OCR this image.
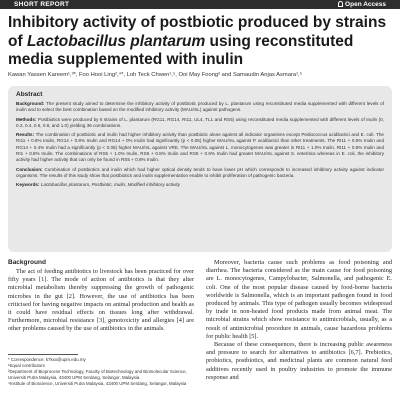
SHORT REPORT	Open Access
Inhibitory activity of postbiotic produced by strains of Lactobacillus plantarum using reconstituted media supplemented with inulin
Kawan Yassen Kareem¹,³*, Foo Hooi Ling²,⁴*, Loh Teck Chwen¹,⁵, Ooi May Foong² and Samaudin Anjas Asmara¹,⁵
Abstract

Background: The present study aimed to determine the inhibitory activity of postbiotic produced by L. plantarum using reconstituted media supplemented with different levels of inulin and to select the best combination based on the modified inhibitory activity (MAU/mL) against pathogens.

Methods: Postbiotics were produced by 6 strains of L. plantarum (RG11, RG14, RI11, UL4, TL1 and RS5) using reconstituted media supplemented with different levels of Inulin (0, 0.2, 0.4, 0.6, 0.8, and 1.0) yielding 36 combinations.

Results: The combination of postbiotic and inulin had higher inhibitory activity than postbiotic alone against all indicator organisms except Pediococcus acidilactici and E. coli. The RI11 + 0.8% Inulin, RG14 + 0.8% Inulin and RG14 + 0% Inulin had significantly (p < 0.05) higher MAU/mL against P. acidilactici than other treatments. The RI11 + 0.8% Inulin and RG14 + 0.4% Inulin had a significantly (p < 0.05) higher MAU/mL against VRE. The MAU/mL against L. monocytogenes was greater in RI11 + 1.0% Inulin, RI11 + 0.8% Inulin and RI1 + 0.8% Inulin. The combinations of RS5 + 1.0% Inulin, RS5 + 0.8% Inulin and RS5 + 0.6% Inulin had greater MAU/mL against S. enteritica whereas in E. coli, the inhibitory activity had higher activity that can only be found in RS5 + 0.8% Inulin.

Conclusion: Combination of postbiotics and inulin which had higher optical density tends to have lower pH which corresponds to increased inhibitory activity against indicator organisms. The results of this study show that postbiotics and inulin supplementation enable to inhibit proliferation of pathogenic bacteria.

Keywords: Lactobacillus plantarum, Postbiotic, Inulin, Modified inhibitory activity

Background

The act of feeding antibiotics to livestock has been practiced for over fifty years [1]. The mode of action of antibiotics is that they alter microbial metabolism thereby suppressing the growth of pathogenic microbes in the gut [2]. However, the use of antibiotics has been criticised for having negative impacts on animal production and health as it could have residual effects on tissues long after withdrawal. Furthermore, microbial resistance [3], genotoxicity and allergies [4] are other problems caused by the use of antibiotics in the animals.

* Correspondence: k7kxx@upm.edu.my
¹Equal contributors
²Department of Bioprocess Technology, Faculty of Biotechnology and Biomolecular Science, Universiti Putra Malaysia, 43400 UPM Serdang, Selangor, Malaysia
⁴Institute of Bioscience, Universiti Putra Malaysia, 43400 UPM Serdang, Selangor, Malaysia

Moreover, bacteria cause such problems as food poisoning and diarrhea. The bacteria considered as the main cause for food poisoning are L. monocytogenes, Campylobacter, Salmonella, and pathogenic E. coli. One of the most popular disease caused by food-borne bacteria worldwide is Salmonella, which is an important pathogen found in food produced by animals. This type of pathogen usually becomes widespread by trade in non-heated food products made from animal meat. The microbial strains which show resistance to antimicrobials, usually, as a result of antimicrobial procedure in animals, cause hazardous problems for public health [5].

Because of these consequences, there is increasing public awareness and pressure to search for alternatives to antibiotics [6,7]. Prebiotics, probiotics, postbiotics, and medicinal plants are common natural feed additives recently used in poultry industries to promote the immune response and
